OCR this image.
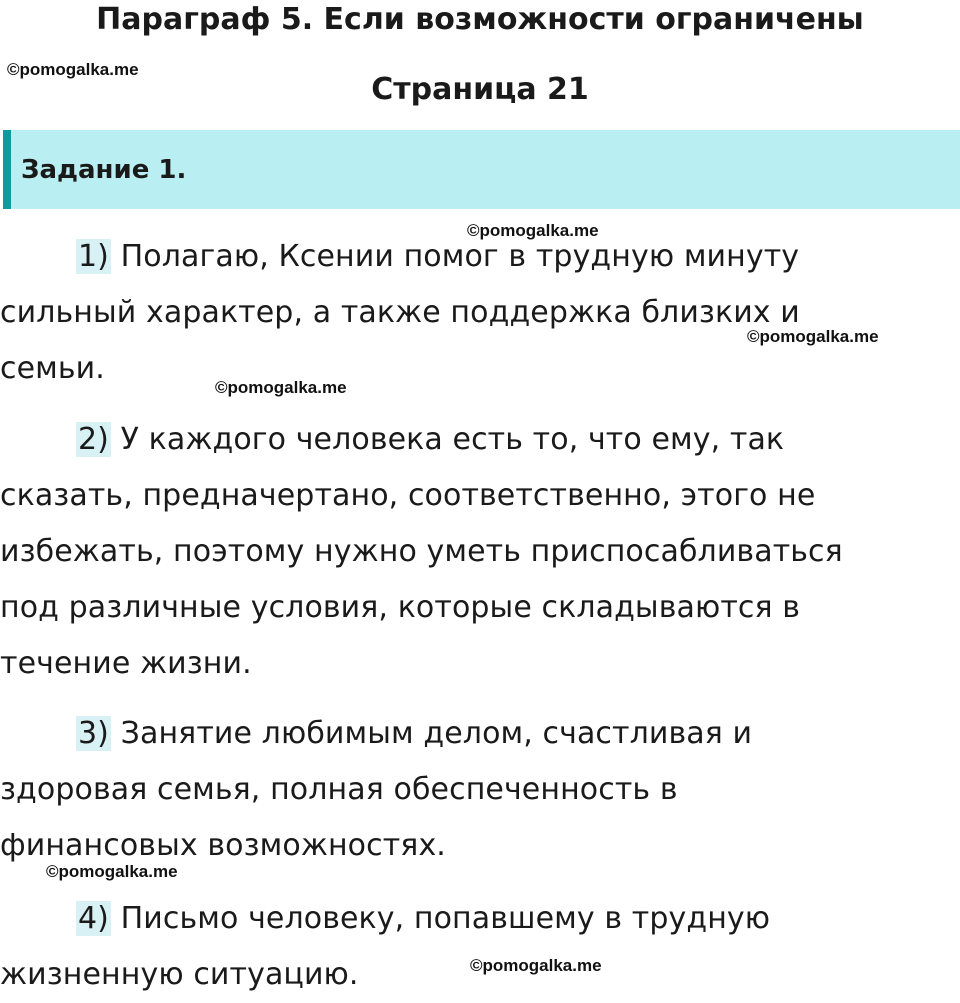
Параграф 5. Если возможности ограничены
Страница 21
©pomogalka.me
©pomogalka.me
©pomogalka.me
©pomogalka.me
©pomogalka.me
©pomogalka.me
Задание 1.
1) Полагаю, Ксении помог в трудную минуту
сильный характер, а также поддержка близких и
семьи.
2) У каждого человека есть то, что ему, так
сказать, предначертано, соответственно, этого не
избежать, поэтому нужно уметь приспосабливаться
под различные условия, которые складываются в
течение жизни.
3) Занятие любимым делом, счастливая и
здоровая семья, полная обеспеченность в
финансовых возможностях.
4) Письмо человеку, попавшему в трудную
жизненную ситуацию.
